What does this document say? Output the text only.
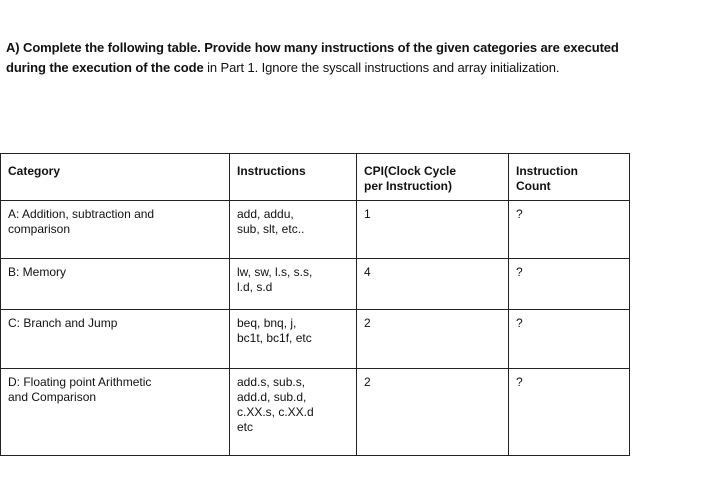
A) Complete the following table. Provide how many instructions of the given categories are executed

during the execution of the code in Part 1. Ignore the syscall instructions and array initialization.

Category	Instructions	CPI(Clock Cycle
per Instruction)	Instruction
Count

A: Addition, subtraction and
comparison	add, addu,
sub, slt, etc..	1	?

B: Memory	lw, sw, l.s, s.s,
l.d, s.d	4	?

C: Branch and Jump	beq, bnq, j,
bc1t, bc1f, etc	2	?

D: Floating point Arithmetic
and Comparison	add.s, sub.s,
add.d, sub.d,
c.XX.s, c.XX.d
etc	2	?
